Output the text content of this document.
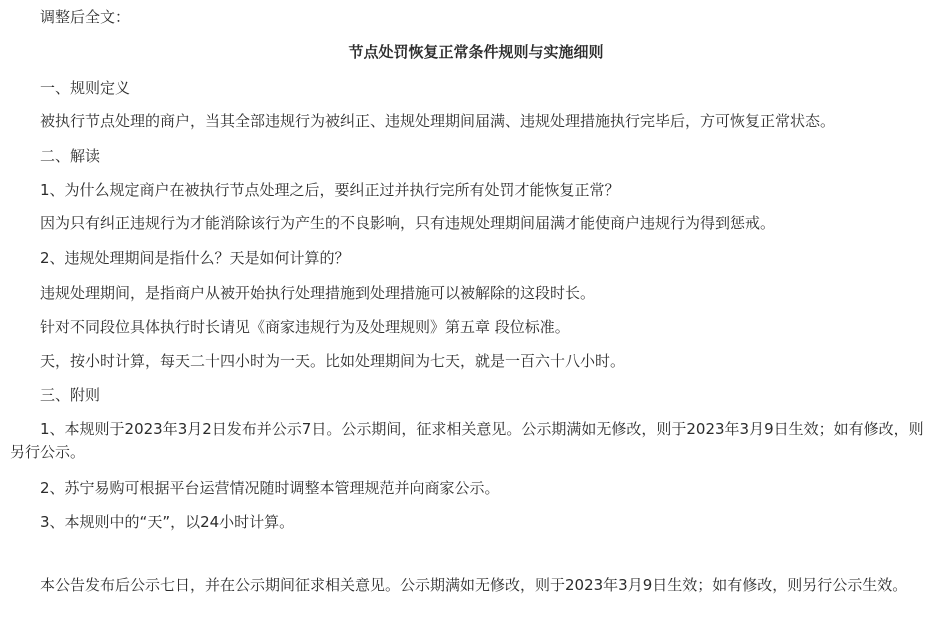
调整后全文：
节点处罚恢复正常条件规则与实施细则
一、规则定义
被执行节点处理的商户，当其全部违规行为被纠正、违规处理期间届满、违规处理措施执行完毕后，方可恢复正常状态。
二、解读
1、为什么规定商户在被执行节点处理之后，要纠正过并执行完所有处罚才能恢复正常？
因为只有纠正违规行为才能消除该行为产生的不良影响，只有违规处理期间届满才能使商户违规行为得到惩戒。
2、违规处理期间是指什么？天是如何计算的？
违规处理期间，是指商户从被开始执行处理措施到处理措施可以被解除的这段时长。
针对不同段位具体执行时长请见《商家违规行为及处理规则》第五章 段位标准。
天，按小时计算，每天二十四小时为一天。比如处理期间为七天，就是一百六十八小时。
三、附则
1、本规则于2023年3月2日发布并公示7日。公示期间，征求相关意见。公示期满如无修改，则于2023年3月9日生效；如有修改，则另行公示。
2、苏宁易购可根据平台运营情况随时调整本管理规范并向商家公示。
3、本规则中的“天”，以24小时计算。
本公告发布后公示七日，并在公示期间征求相关意见。公示期满如无修改，则于2023年3月9日生效；如有修改，则另行公示生效。
